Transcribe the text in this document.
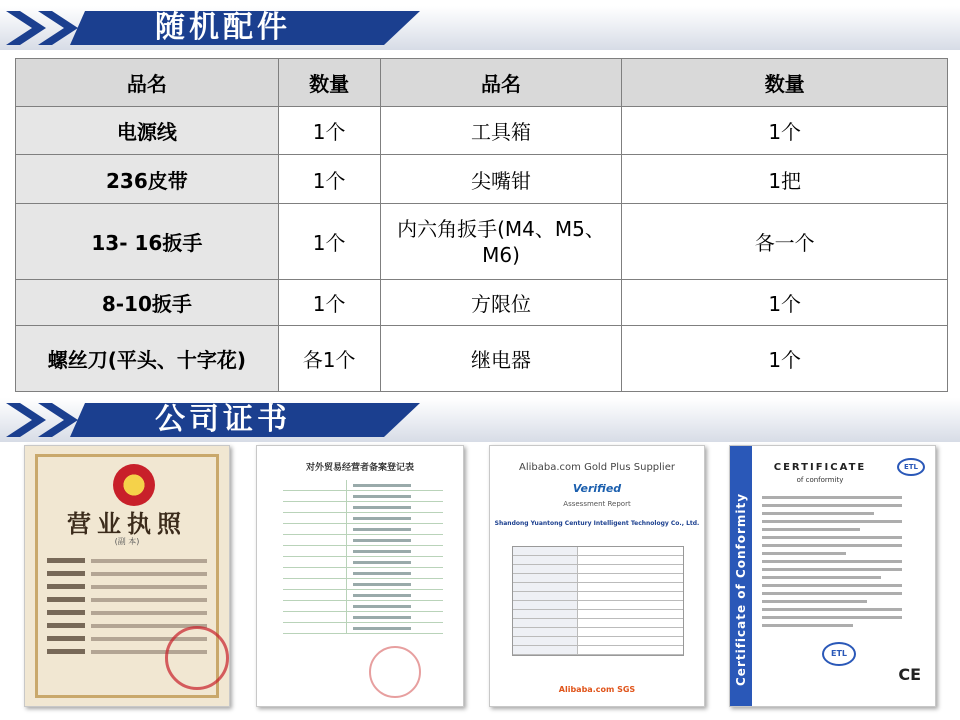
随机配件
品名	数量	品名	数量
电源线	1个	工具箱	1个
236皮带	1个	尖嘴钳	1把
13- 16扳手	1个	内六角扳手(M4、M5、M6)	各一个
8-10扳手	1个	方限位	1个
螺丝刀(平头、十字花)	各1个	继电器	1个
公司证书
营业执照
(副 本)
对外贸易经营者备案登记表	Alibaba.com Gold Plus Supplier
Verified
Assessment Report
Shandong Yuantong Century Intelligent Technology Co., Ltd.
Alibaba.com SGS
Certificate of Conformity
CERTIFICATE
of conformity
ETL
ETL
CE
